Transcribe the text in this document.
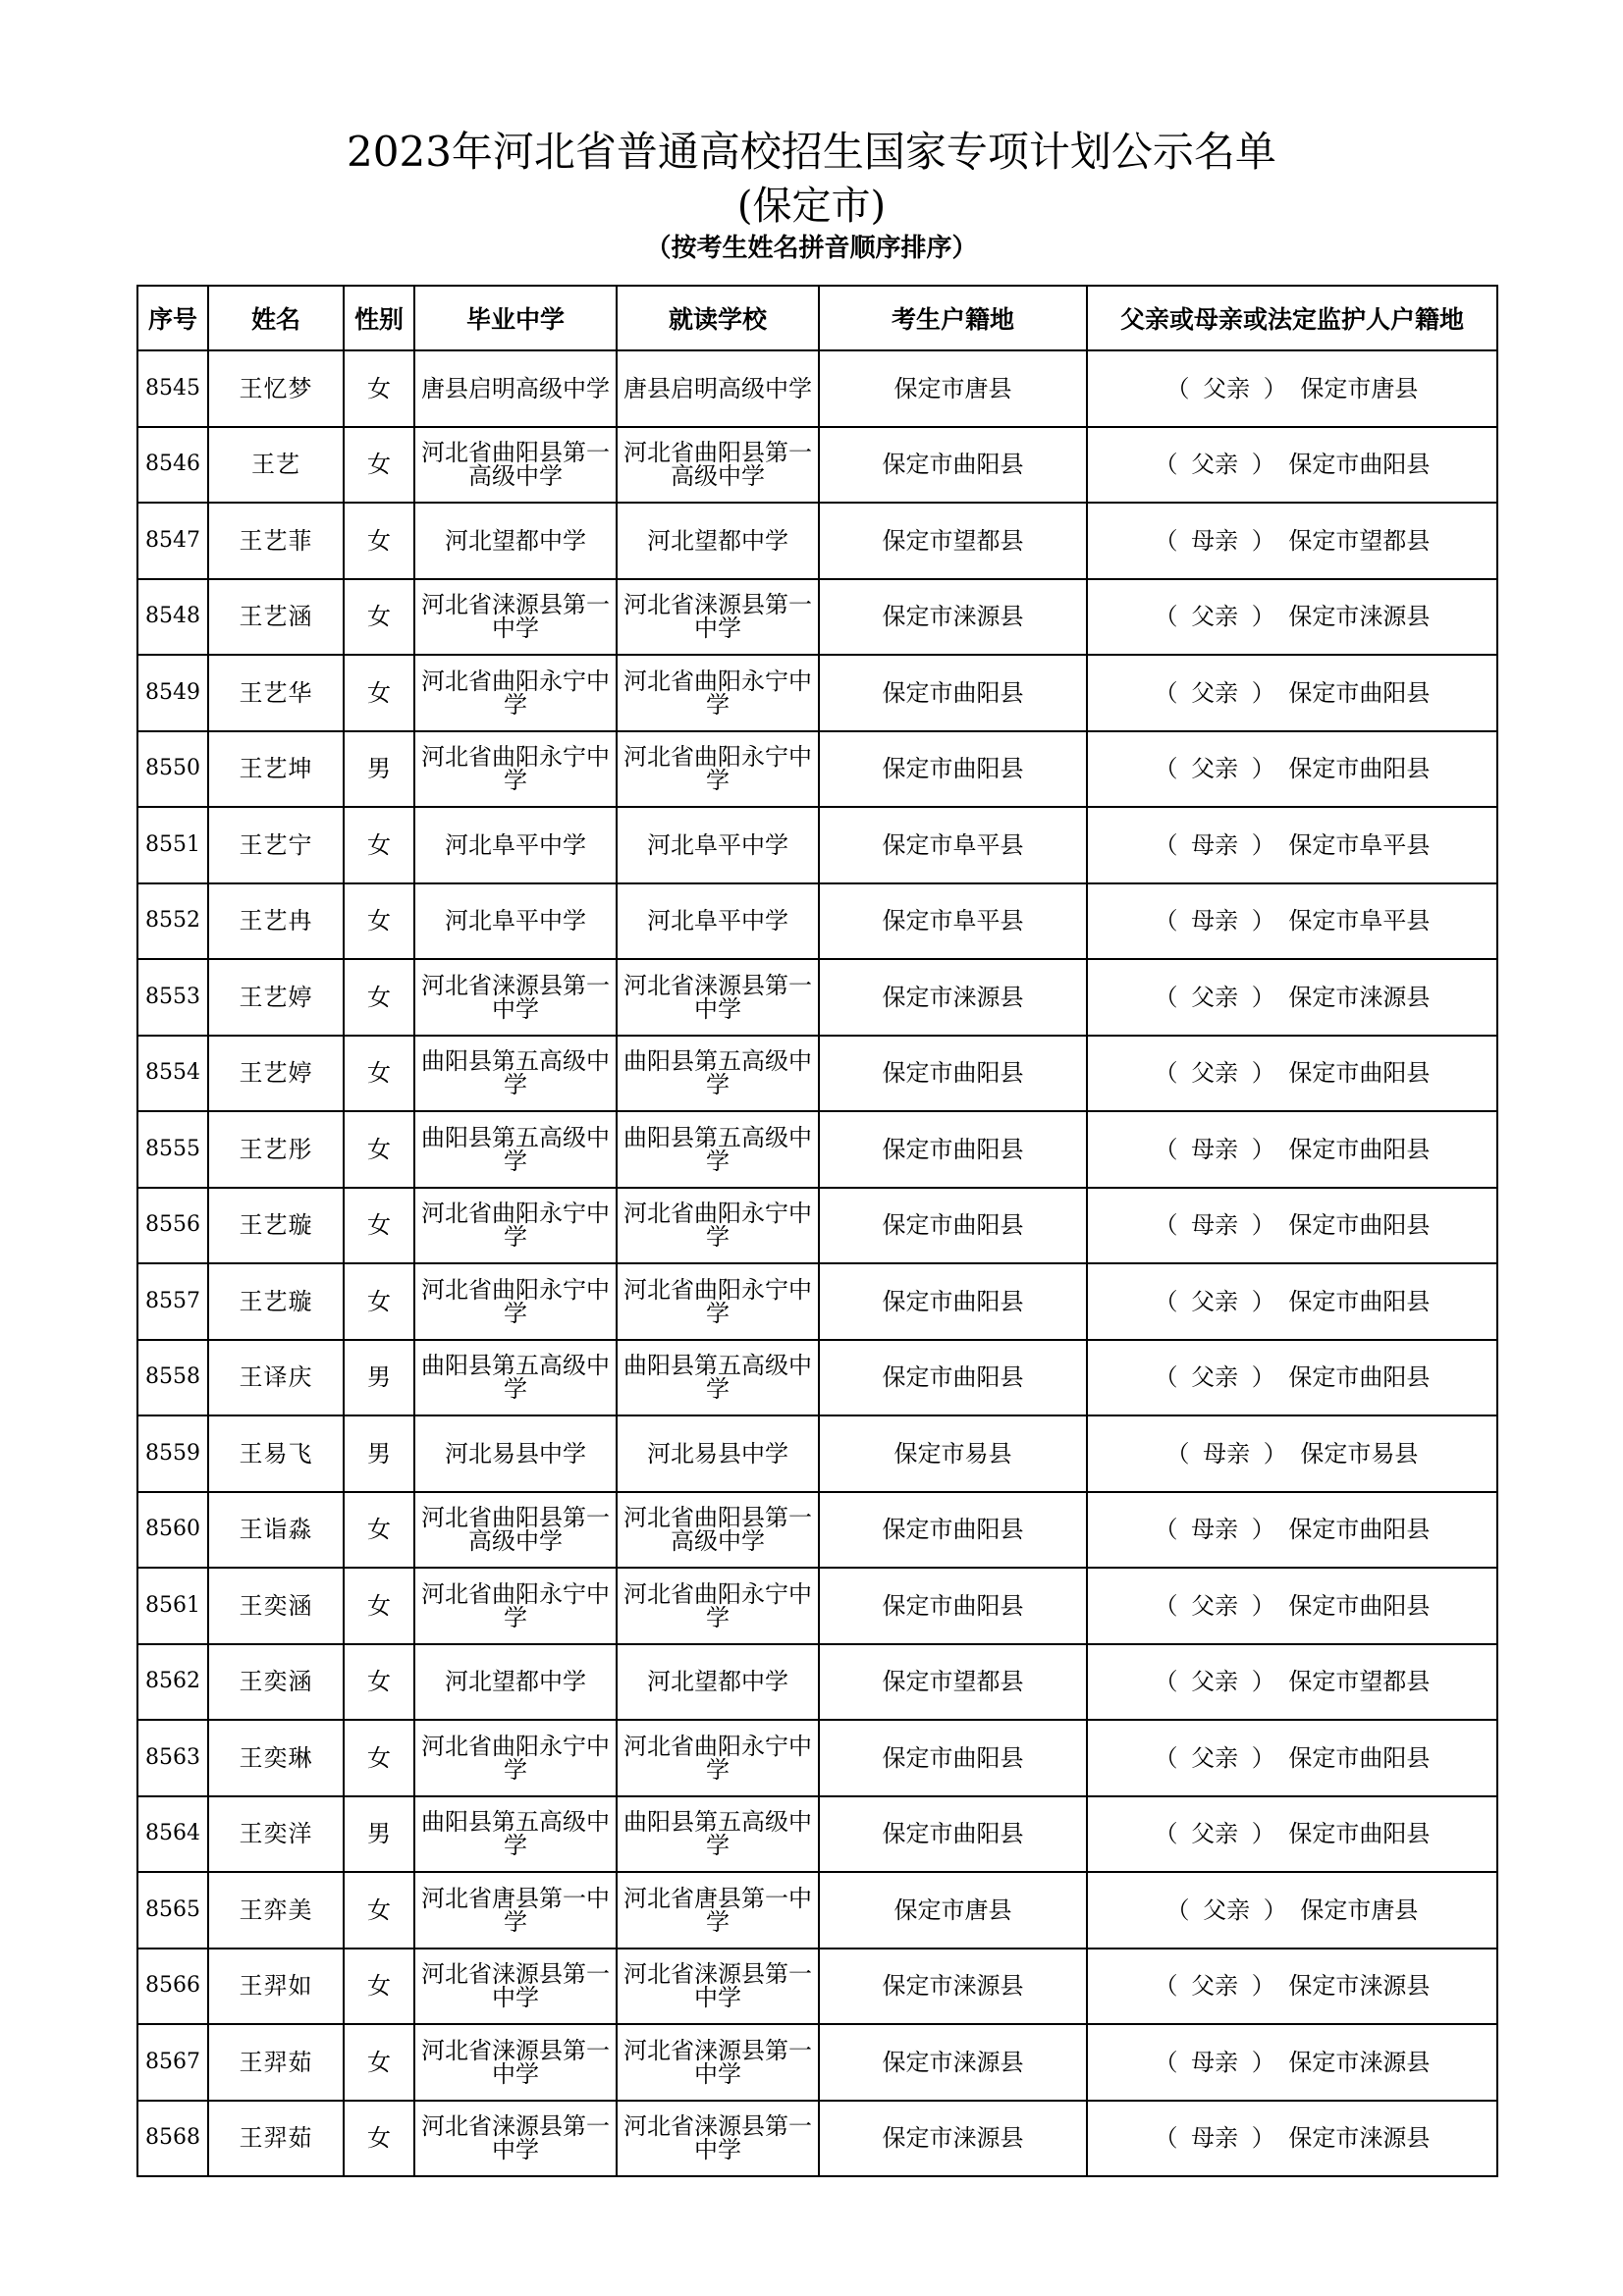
2023年河北省普通高校招生国家专项计划公示名单
(保定市)
（按考生姓名拼音顺序排序）
序号	姓名	性别	毕业中学	就读学校	考生户籍地	父亲或母亲或法定监护人户籍地
8545	王忆梦	女	唐县启明高级中学	唐县启明高级中学	保定市唐县	（ 父亲 ） 保定市唐县
8546	王艺	女	河北省曲阳县第一高级中学	河北省曲阳县第一高级中学	保定市曲阳县	（ 父亲 ） 保定市曲阳县
8547	王艺菲	女	河北望都中学	河北望都中学	保定市望都县	（ 母亲 ） 保定市望都县
8548	王艺涵	女	河北省涞源县第一中学	河北省涞源县第一中学	保定市涞源县	（ 父亲 ） 保定市涞源县
8549	王艺华	女	河北省曲阳永宁中学	河北省曲阳永宁中学	保定市曲阳县	（ 父亲 ） 保定市曲阳县
8550	王艺坤	男	河北省曲阳永宁中学	河北省曲阳永宁中学	保定市曲阳县	（ 父亲 ） 保定市曲阳县
8551	王艺宁	女	河北阜平中学	河北阜平中学	保定市阜平县	（ 母亲 ） 保定市阜平县
8552	王艺冉	女	河北阜平中学	河北阜平中学	保定市阜平县	（ 母亲 ） 保定市阜平县
8553	王艺婷	女	河北省涞源县第一中学	河北省涞源县第一中学	保定市涞源县	（ 父亲 ） 保定市涞源县
8554	王艺婷	女	曲阳县第五高级中学	曲阳县第五高级中学	保定市曲阳县	（ 父亲 ） 保定市曲阳县
8555	王艺彤	女	曲阳县第五高级中学	曲阳县第五高级中学	保定市曲阳县	（ 母亲 ） 保定市曲阳县
8556	王艺璇	女	河北省曲阳永宁中学	河北省曲阳永宁中学	保定市曲阳县	（ 母亲 ） 保定市曲阳县
8557	王艺璇	女	河北省曲阳永宁中学	河北省曲阳永宁中学	保定市曲阳县	（ 父亲 ） 保定市曲阳县
8558	王译庆	男	曲阳县第五高级中学	曲阳县第五高级中学	保定市曲阳县	（ 父亲 ） 保定市曲阳县
8559	王易飞	男	河北易县中学	河北易县中学	保定市易县	（ 母亲 ） 保定市易县
8560	王诣淼	女	河北省曲阳县第一高级中学	河北省曲阳县第一高级中学	保定市曲阳县	（ 母亲 ） 保定市曲阳县
8561	王奕涵	女	河北省曲阳永宁中学	河北省曲阳永宁中学	保定市曲阳县	（ 父亲 ） 保定市曲阳县
8562	王奕涵	女	河北望都中学	河北望都中学	保定市望都县	（ 父亲 ） 保定市望都县
8563	王奕琳	女	河北省曲阳永宁中学	河北省曲阳永宁中学	保定市曲阳县	（ 父亲 ） 保定市曲阳县
8564	王奕洋	男	曲阳县第五高级中学	曲阳县第五高级中学	保定市曲阳县	（ 父亲 ） 保定市曲阳县
8565	王弈美	女	河北省唐县第一中学	河北省唐县第一中学	保定市唐县	（ 父亲 ） 保定市唐县
8566	王羿如	女	河北省涞源县第一中学	河北省涞源县第一中学	保定市涞源县	（ 父亲 ） 保定市涞源县
8567	王羿茹	女	河北省涞源县第一中学	河北省涞源县第一中学	保定市涞源县	（ 母亲 ） 保定市涞源县
8568	王羿茹	女	河北省涞源县第一中学	河北省涞源县第一中学	保定市涞源县	（ 母亲 ） 保定市涞源县
